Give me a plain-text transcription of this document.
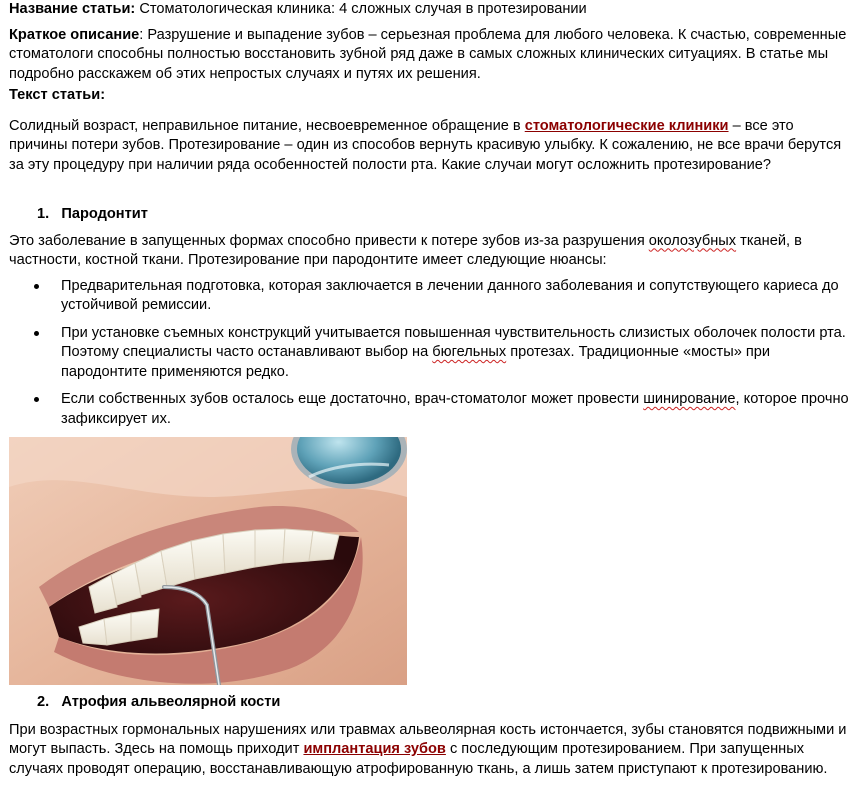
Название статьи: Стоматологическая клиника: 4 сложных случая в протезировании

Краткое описание: Разрушение и выпадение зубов – серьезная проблема для любого человека. К счастью, современные стоматологи способны полностью восстановить зубной ряд даже в самых сложных клинических ситуациях. В статье мы подробно расскажем об этих непростых случаях и путях их решения.

Текст статьи:

Солидный возраст, неправильное питание, несвоевременное обращение в стоматологические клиники – все это причины потери зубов. Протезирование – один из способов вернуть красивую улыбку. К сожалению, не все врачи берутся за эту процедуру при наличии ряда особенностей полости рта. Какие случаи могут осложнить протезирование?

1. Пародонтит

Это заболевание в запущенных формах способно привести к потере зубов из-за разрушения околозубных тканей, в частности, костной ткани. Протезирование при пародонтите имеет следующие нюансы:

Предварительная подготовка, которая заключается в лечении данного заболевания и сопутствующего кариеса до устойчивой ремиссии.
При установке съемных конструкций учитывается повышенная чувствительность слизистых оболочек полости рта. Поэтому специалисты часто останавливают выбор на бюгельных протезах. Традиционные «мосты» при пародонтите применяются редко.
Если собственных зубов осталось еще достаточно, врач-стоматолог может провести шинирование, которое прочно зафиксирует их.

2. Атрофия альвеолярной кости

При возрастных гормональных нарушениях или травмах альвеолярная кость истончается, зубы становятся подвижными и могут выпасть. Здесь на помощь приходит имплантация зубов с последующим протезированием. При запущенных случаях проводят операцию, восстанавливающую атрофированную ткань, а лишь затем приступают к протезированию.
